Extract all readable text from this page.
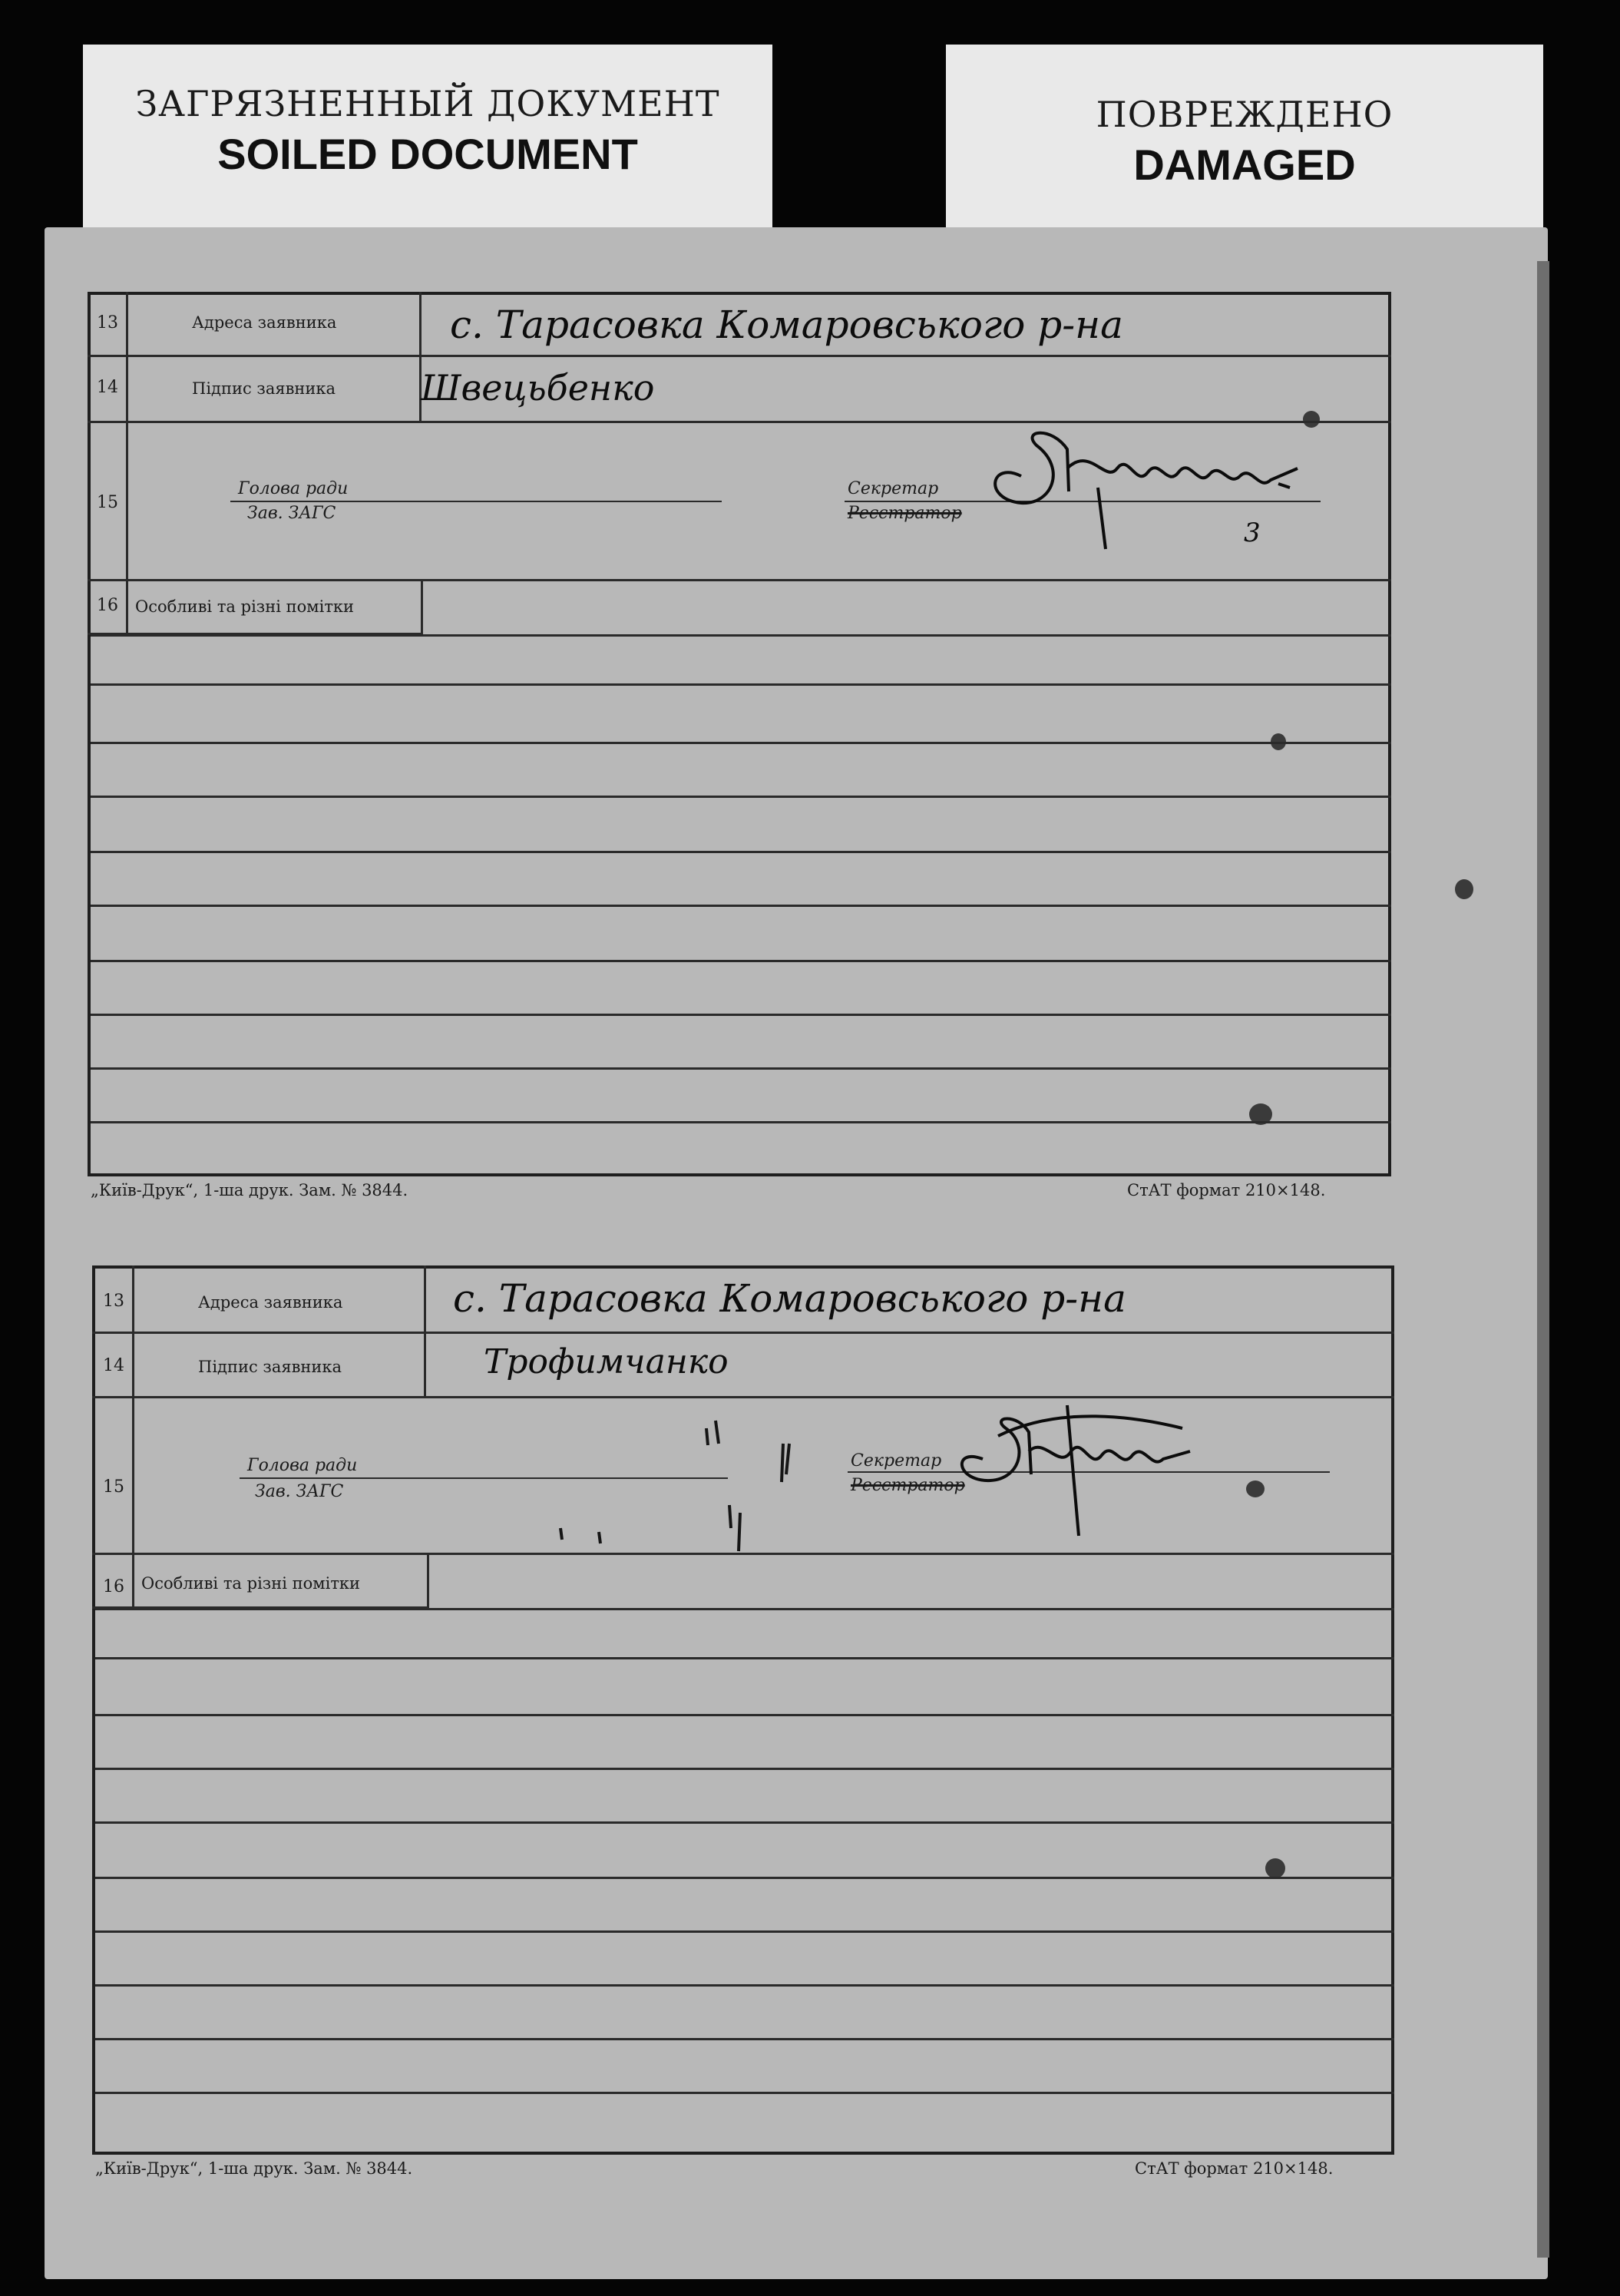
ЗАГРЯЗНЕННЫЙ ДОКУМЕНТ
SOILED DOCUMENT
ПОВРЕЖДЕНО
DAMAGED
13
14
15
16
Адреса заявника
Підпис заявника
Особливі та різні помітки
Голова ради
Зав. ЗАГС
Секретар
Реєстратор
с. Тарасовка Комаровського р-на
Швецьбенко
3
„Київ-Друк“, 1-ша друк. Зам. № 3844.	СтАТ формат 210×148.
13
14
15
16
Адреса заявника
Підпис заявника
Особливі та різні помітки
Голова ради
Зав. ЗАГС
Секретар
Реєстратор
с. Тарасовка Комаровського р-на
Трофимчанко
„Київ-Друк“, 1-ша друк. Зам. № 3844.	СтАТ формат 210×148.
